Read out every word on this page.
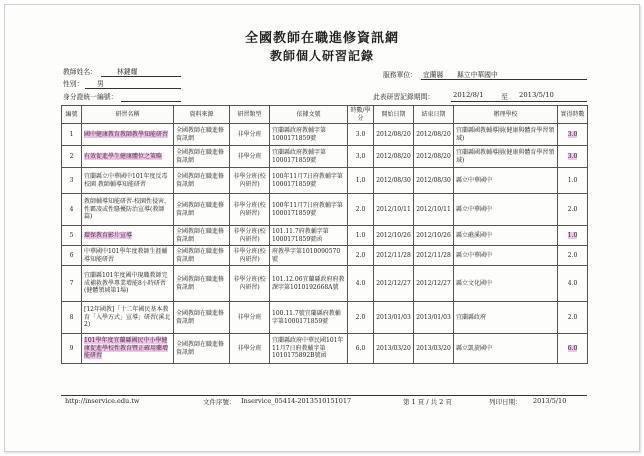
全國教師在職進修資訊網
教師個人研習記錄
教師姓名：	林鍵耀
性別： 男
身分證統一編號：
服務單位： 宜蘭縣 縣立中華國中
此表研習記錄期間：	2012/8/1	至 2013/5/10
編號	研習名稱	資料來源	研習類型	依據文號	時數/學分	開始日期	結束日期	辦理學校	實得時數
1	國中健康教育教師教學知能研習	全國教師在職進修資訊網	非學分班	宜蘭縣政府教輔字第1000171859號	3.0	2012/08/20	2012/08/20	宜蘭縣國教輔導團(健康與體育學習領域)	3.0
2	有效促進學生健康體位之策略	全國教師在職進修資訊網	非學分班	宜蘭縣政府教輔字第1000171859號	3.0	2012/08/20	2012/08/20	宜蘭縣國教輔導團(健康與體育學習領域)	3.0
3	宜蘭縣立中華國中101年度反毒校園 教師輔導知能研習	全國教師在職進修資訊網	非學分班(校內研習)	100年11月7日府教輔字第1000171859號	1.0	2012/08/30	2012/08/30	縣立中華國中	1.0
4	教師輔導知能研習-校園性侵害、性霸凌或性騷擾防治宣導(教師篇)	全國教師在職進修資訊網	非學分班(校內研習)	100年11月7日府教輔字第1000171859號	2.0	2012/10/11	2012/10/11	縣立中華國中	2.0
5	環保教育影片宣導	全國教師在職進修資訊網	非學分班(校內研習)	101.11.7府教輔字第1000171859號函	1.0	2012/10/26	2012/10/26	縣立礁溪國中	1.0
6	中華國中101學年度教師生涯輔導知能研習	全國教師在職進修資訊網	非學分班(校內研習)	府教學字第1010090570號	2.0	2012/11/28	2012/11/28	縣立中華國中	2.0
7	宜蘭縣101年度國中現職教師完成補救教學專業增能8小時研習(健體領域第1場)	全國教師在職進修資訊網	非學分班(校內研習)	101.12.06宜蘭縣政府府教課字第1010192668A號	4.0	2012/12/27	2012/12/27	縣立文化國中	4.0
8	[12年國教]「十二年國民基本教育「入學方式」宣導」研習(溪北2)	全國教師在職進修資訊網	非學分班	100.11.7號宜蘭縣府教輔字第1000171859號	2.0	2013/01/03	2013/01/03	宜蘭縣政府	2.0
9	101學年度宜蘭縣國民中小學健康促進學校性教育暨正確用藥增能研習	全國教師在職進修資訊網	非學分班	宜蘭縣政府中華民國101年11月7日府教輔字第1010175892B號函	6.0	2013/03/20	2013/03/20	縣立凱旋國中	6.0
http://inservice.edu.tw	文件序號： Inservice_05414-2013510151017	第 1 頁 / 共 2 頁	列印日期： 2013/5/10
